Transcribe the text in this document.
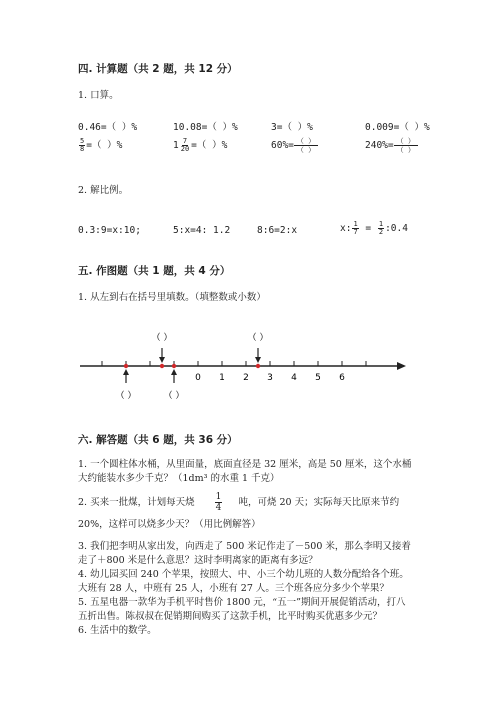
四. 计算题（共 2 题，共 12 分）
1. 口算。
0.46=（ ）%	10.08=（ ）%	3=（ ）%	0.009=（ ）%
$\frac{5}{8}$ =（ ）%	$1 \frac{7}{20}$ =（ ）%	$60\%= \frac{( )}{( )}$	$240\%= \frac{( )}{( )}$
2. 解比例。
0.3:9=x:10;	5:x=4: 1.2	8:6=2:x	x: $\frac{1}{7} = \frac{1}{2}$ :0.4
五. 作图题（共 1 题，共 4 分）
1. 从左到右在括号里填数。（填整数或小数）
0 1 2 3 4 5 6
（ ）	（ ）
（ ）	（ ）
六. 解答题（共 6 题，共 36 分）
1. 一个圆柱体水桶，从里面量，底面直径是 32 厘米，高是 50 厘米，这个水桶
大约能装水多少千克？（1dm³ 的水重 1 千克）
2. 买来一批煤，计划每天烧 $\frac{1}{4}$ 吨，可烧 20 天；实际每天比原来节约
20%，这样可以烧多少天？（用比例解答）
3. 我们把李明从家出发，向西走了 500 米记作走了－500 米，那么李明又接着
走了＋800 米是什么意思？这时李明离家的距离有多远？
4. 幼儿园买回 240 个苹果，按照大、中、小三个幼儿班的人数分配给各个班。
大班有 28 人，中班有 25 人，小班有 27 人。三个班各应分多少个苹果？
5. 五星电器一款华为手机平时售价 1800 元，“五一”期间开展促销活动，打八
五折出售。陈叔叔在促销期间购买了这款手机，比平时购买优惠多少元？
6. 生活中的数学。
